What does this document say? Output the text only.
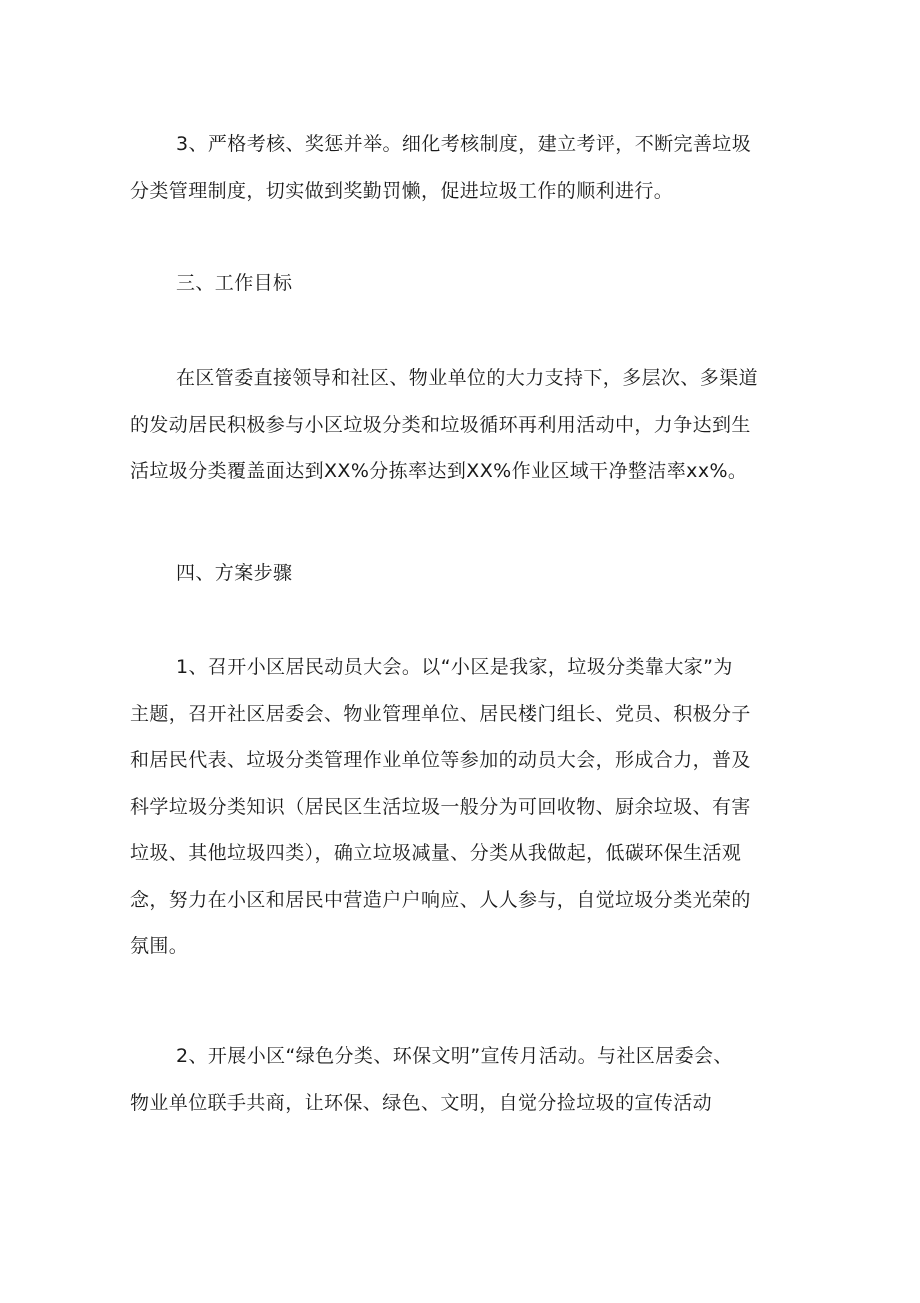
3、严格考核、奖惩并举。细化考核制度，建立考评，不断完善垃圾
分类管理制度，切实做到奖勤罚懒，促进垃圾工作的顺利进行。

三、工作目标

在区管委直接领导和社区、物业单位的大力支持下，多层次、多渠道
的发动居民积极参与小区垃圾分类和垃圾循环再利用活动中，力争达到生
活垃圾分类覆盖面达到XX%分拣率达到XX%作业区域干净整洁率xx%。

四、方案步骤

1、召开小区居民动员大会。以“小区是我家，垃圾分类靠大家”为
主题，召开社区居委会、物业管理单位、居民楼门组长、党员、积极分子
和居民代表、垃圾分类管理作业单位等参加的动员大会，形成合力，普及
科学垃圾分类知识（居民区生活垃圾一般分为可回收物、厨余垃圾、有害
垃圾、其他垃圾四类），确立垃圾减量、分类从我做起，低碳环保生活观
念，努力在小区和居民中营造户户响应、人人参与，自觉垃圾分类光荣的
氛围。

2、开展小区“绿色分类、环保文明”宣传月活动。与社区居委会、
物业单位联手共商，让环保、绿色、文明，自觉分捡垃圾的宣传活动
